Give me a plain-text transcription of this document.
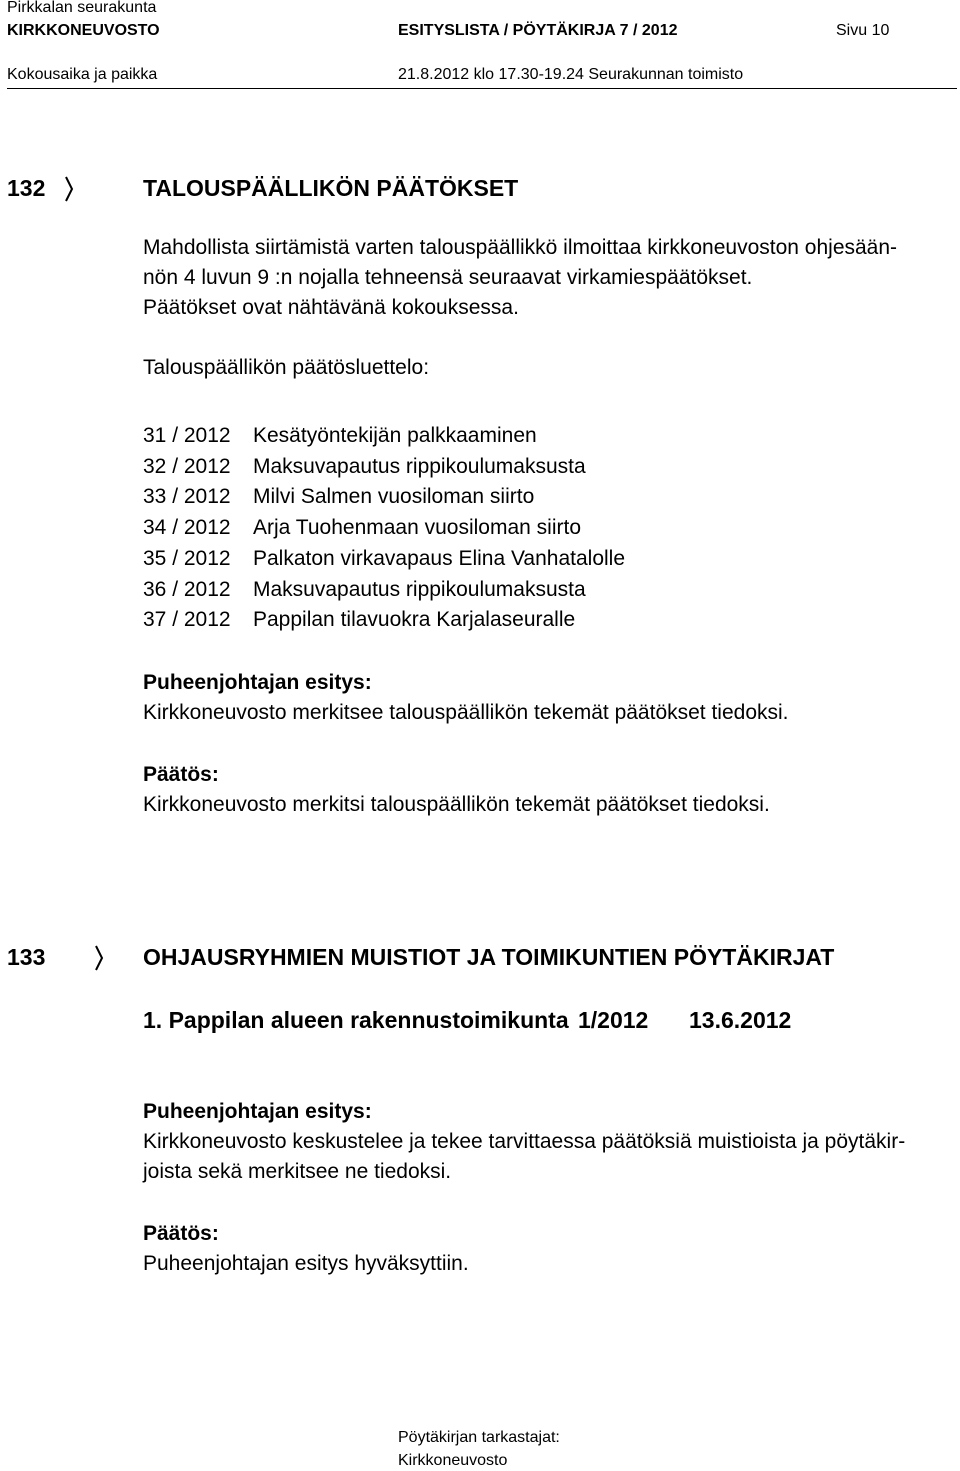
Pirkkalan seurakunta
KIRKKONEUVOSTO	ESITYSLISTA / PÖYTÄKIRJA 7 / 2012	Sivu 10
Kokousaika ja paikka	21.8.2012 klo 17.30-19.24 Seurakunnan toimisto
132	TALOUSPÄÄLLIKÖN PÄÄTÖKSET
Mahdollista siirtämistä varten talouspäällikkö ilmoittaa kirkkoneuvoston ohjesään-
nön 4 luvun 9 :n nojalla tehneensä seuraavat virkamiespäätökset.
Päätökset ovat nähtävänä kokouksessa.
Talouspäällikön päätösluettelo:
31 / 2012 Kesätyöntekijän palkkaaminen
32 / 2012 Maksuvapautus rippikoulumaksusta
33 / 2012 Milvi Salmen vuosiloman siirto
34 / 2012 Arja Tuohenmaan vuosiloman siirto
35 / 2012 Palkaton virkavapaus Elina Vanhatalolle
36 / 2012 Maksuvapautus rippikoulumaksusta
37 / 2012 Pappilan tilavuokra Karjalaseuralle
Puheenjohtajan esitys:
Kirkkoneuvosto merkitsee talouspäällikön tekemät päätökset tiedoksi.
Päätös:
Kirkkoneuvosto merkitsi talouspäällikön tekemät päätökset tiedoksi.
133	OHJAUSRYHMIEN MUISTIOT JA TOIMIKUNTIEN PÖYTÄKIRJAT
1. Pappilan alueen rakennustoimikunta 1/2012 13.6.2012
Puheenjohtajan esitys:
Kirkkoneuvosto keskustelee ja tekee tarvittaessa päätöksiä muistioista ja pöytäkir-
joista sekä merkitsee ne tiedoksi.
Päätös:
Puheenjohtajan esitys hyväksyttiin.
Pöytäkirjan tarkastajat:
Kirkkoneuvosto
